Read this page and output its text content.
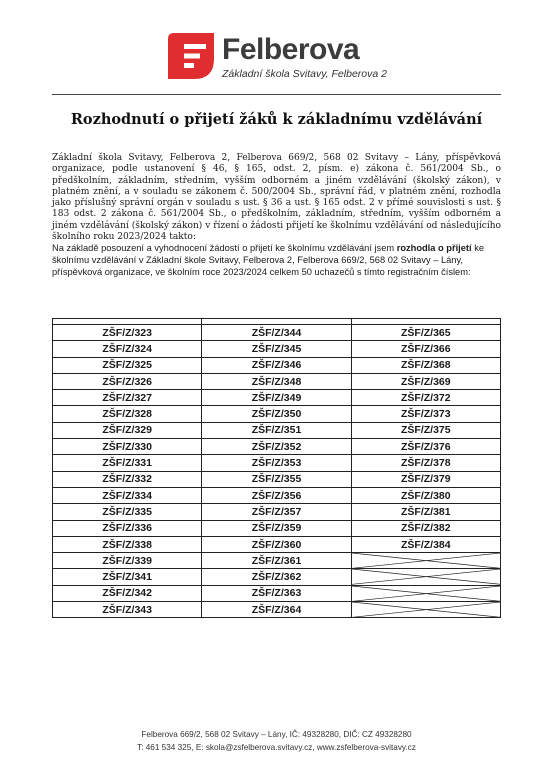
Felberova
Základní škola Svitavy, Felberova 2
Rozhodnutí o přijetí žáků k základnímu vzdělávání

Základní škola Svitavy, Felberova 2, Felberova 669/2, 568 02 Svitavy – Lány, příspěvková organizace, podle ustanovení § 46, § 165, odst. 2, písm. e) zákona č. 561/2004 Sb., o předškolním, základním, středním, vyšším odborném a jiném vzdělávání (školský zákon), v platném znění, a v souladu se zákonem č. 500/2004 Sb., správní řád, v platném znění, rozhodla jako příslušný správní orgán v souladu s ust. § 36 a ust. § 165 odst. 2 v přímé souvislosti s ust. § 183 odst. 2 zákona č. 561/2004 Sb., o předškolním, základním, středním, vyšším odborném a jiném vzdělávání (školský zákon) v řízení o žádosti přijetí ke školnímu vzdělávání od následujícího školního roku 2023/2024 takto:

Na základě posouzení a vyhodnocení žádostí o přijetí ke školnímu vzdělávání jsem rozhodla o přijetí ke školnímu vzdělávání v Základní škole Svitavy, Felberova 2, Felberova 669/2, 568 02 Svitavy – Lány, příspěvková organizace, ve školním roce 2023/2024 celkem 50 uchazečů s tímto registračním číslem:

ZŠF/Z/323	ZŠF/Z/344	ZŠF/Z/365
ZŠF/Z/324	ZŠF/Z/345	ZŠF/Z/366
ZŠF/Z/325	ZŠF/Z/346	ZŠF/Z/368
ZŠF/Z/326	ZŠF/Z/348	ZŠF/Z/369
ZŠF/Z/327	ZŠF/Z/349	ZŠF/Z/372
ZŠF/Z/328	ZŠF/Z/350	ZŠF/Z/373
ZŠF/Z/329	ZŠF/Z/351	ZŠF/Z/375
ZŠF/Z/330	ZŠF/Z/352	ZŠF/Z/376
ZŠF/Z/331	ZŠF/Z/353	ZŠF/Z/378
ZŠF/Z/332	ZŠF/Z/355	ZŠF/Z/379
ZŠF/Z/334	ZŠF/Z/356	ZŠF/Z/380
ZŠF/Z/335	ZŠF/Z/357	ZŠF/Z/381
ZŠF/Z/336	ZŠF/Z/359	ZŠF/Z/382
ZŠF/Z/338	ZŠF/Z/360	ZŠF/Z/384
ZŠF/Z/339	ZŠF/Z/361	

ZŠF/Z/341	ZŠF/Z/362	

ZŠF/Z/342	ZŠF/Z/363	

ZŠF/Z/343	ZŠF/Z/364	
Felberova 669/2, 568 02 Svitavy – Lány, IČ: 49328280, DIČ: CZ 49328280
T: 461 534 325, E: skola@zsfelberova.svitavy.cz, www.zsfelberova-svitavy.cz
